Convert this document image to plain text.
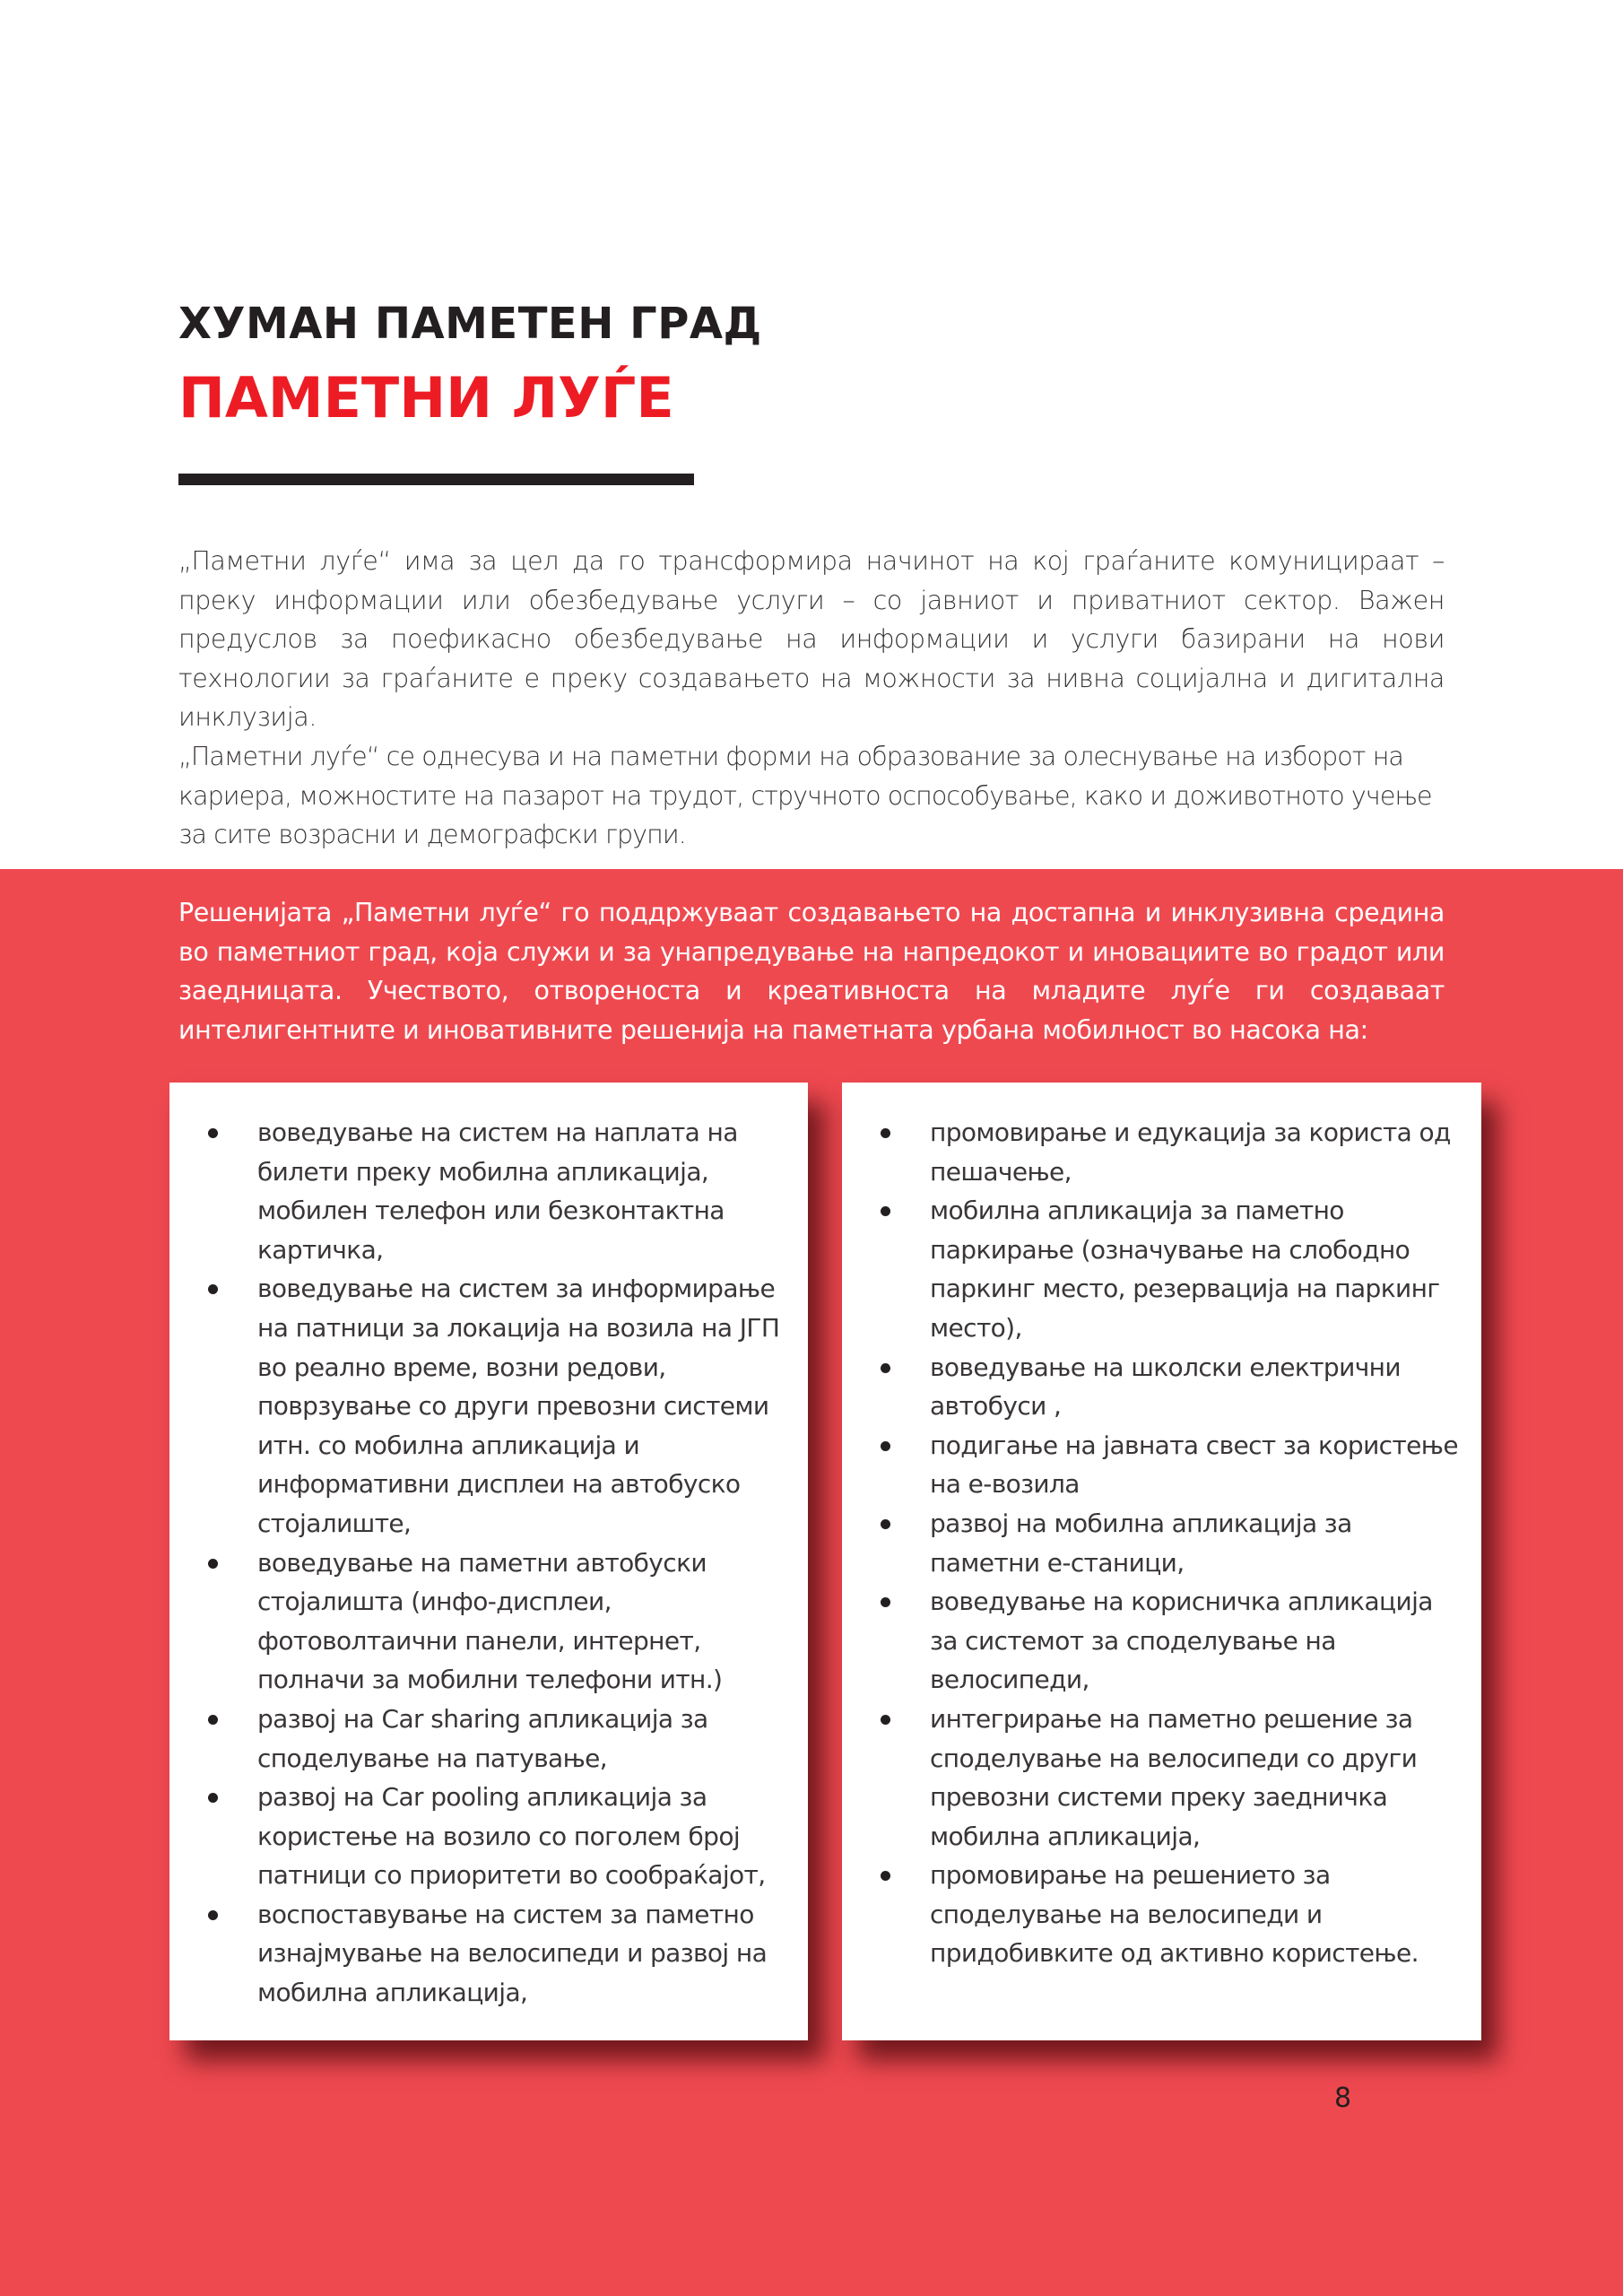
ХУМАН ПАМЕТЕН ГРАД
ПАМЕТНИ ЛУЃЕ

„Паметни луѓе“ има за цел да го трансформира начинот на кој граѓаните комуницираат – преку информации или обезбедување услуги – со јавниот и приватниот сектор. Важен предуслов за поефикасно обезбедување на информации и услуги базирани на нови технологии за граѓаните е преку создавањето на можности за нивна социјална и дигитална инклузија.

„Паметни луѓе“ се однесува и на паметни форми на образование за олеснување на изборот на кариера, можностите на пазарот на трудот, стручното оспособување, како и доживотното учење за сите возрасни и демографски групи.

Решенијата „Паметни луѓе“ го поддржуваат создавањето на достапна и инклузивна средина во паметниот град, која служи и за унапредување на напредокот и иновациите во градот или заедницата. Учеството, отвореноста и креативноста на младите луѓе ги создаваат интелигентните и иновативните решенија на паметната урбана мобилност во насока на:

воведување на систем на наплата на билети преку мобилна апликација, мобилен телефон или безконтактна картичка,
воведување на систем за информирање на патници за локација на возила на ЈГП во реално време, возни редови, поврзување со други превозни системи итн. со мобилна апликација и информативни дисплеи на автобуско стојалиште,
воведување на паметни автобуски стојалишта (инфо-дисплеи, фотоволтаични панели, интернет, полначи за мобилни телефони итн.)
развој на Car sharing апликација за споделување на патување,
развој на Car pooling апликација за користење на возило со поголем број патници со приоритети во сообраќајот,
воспоставување на систем за паметно изнајмување на велосипеди и развој на мобилна апликација,
промовирање и едукација за користа од пешачење,
мобилна апликација за паметно паркирање (означување на слободно паркинг место, резервација на паркинг место),
воведување на школски електрични автобуси ,
подигање на јавната свест за користење на е-возила
развој на мобилна апликација за паметни е-станици,
воведување на корисничка апликација за системот за споделување на велосипеди,
интегрирање на паметно решение за споделување на велосипеди со други превозни системи преку заедничка мобилна апликација,
промовирање на решението за споделување на велосипеди и придобивките од активно користење.
8
